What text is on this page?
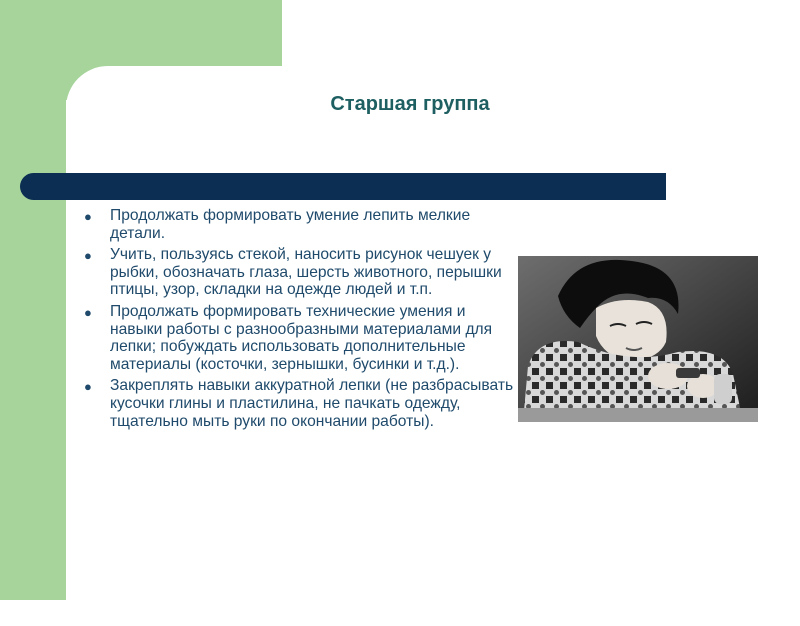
Старшая группа
● Продолжать формировать умение лепить мелкие детали.
● Учить, пользуясь стекой, наносить рисунок чешуек у рыбки, обозначать глаза, шерсть животного, перышки птицы, узор, складки на одежде людей и т.п.
● Продолжать формировать технические умения и навыки работы с разнообразными материалами для лепки; побуждать использовать дополнительные материалы (косточки, зернышки, бусинки и т.д.).
● Закреплять навыки аккуратной лепки (не разбрасывать кусочки глины и пластилина, не пачкать одежду, тщательно мыть руки по окончании работы).
